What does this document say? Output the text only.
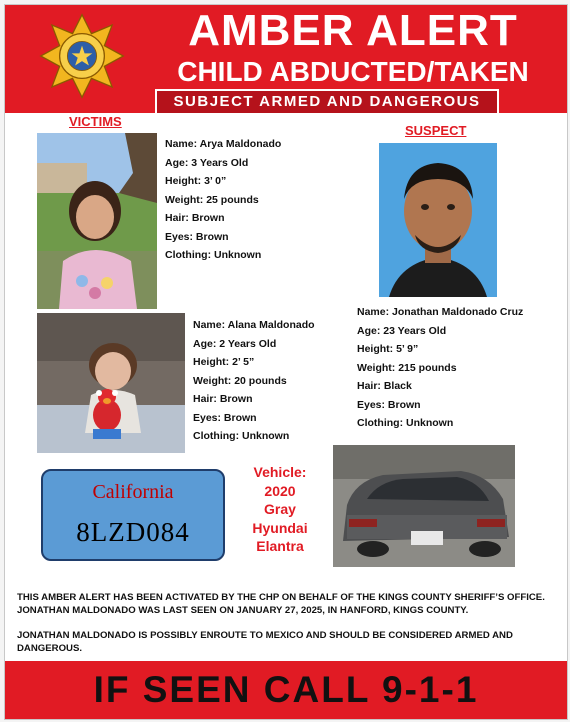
AMBER ALERT
CHILD ABDUCTED/TAKEN
SUBJECT ARMED AND DANGEROUS
VICTIMS
SUSPECT
Name: Arya Maldonado
Age: 3 Years Old
Height: 3’ 0”
Weight: 25 pounds
Hair: Brown
Eyes: Brown
Clothing: Unknown
Name: Alana Maldonado
Age: 2 Years Old
Height: 2’ 5”
Weight: 20 pounds
Hair: Brown
Eyes: Brown
Clothing: Unknown
Name: Jonathan Maldonado Cruz
Age: 23 Years Old
Height: 5’ 9”
Weight: 215 pounds
Hair: Black
Eyes: Brown
Clothing: Unknown
California
8LZD084
Vehicle:
2020
Gray
Hyundai
Elantra
THIS AMBER ALERT HAS BEEN ACTIVATED BY THE CHP ON BEHALF OF THE KINGS COUNTY SHERIFF’S OFFICE. JONATHAN MALDONADO WAS LAST SEEN ON JANUARY 27, 2025, IN HANFORD, KINGS COUNTY.
JONATHAN MALDONADO IS POSSIBLY ENROUTE TO MEXICO AND SHOULD BE CONSIDERED ARMED AND DANGEROUS.
IF SEEN CALL 9-1-1
